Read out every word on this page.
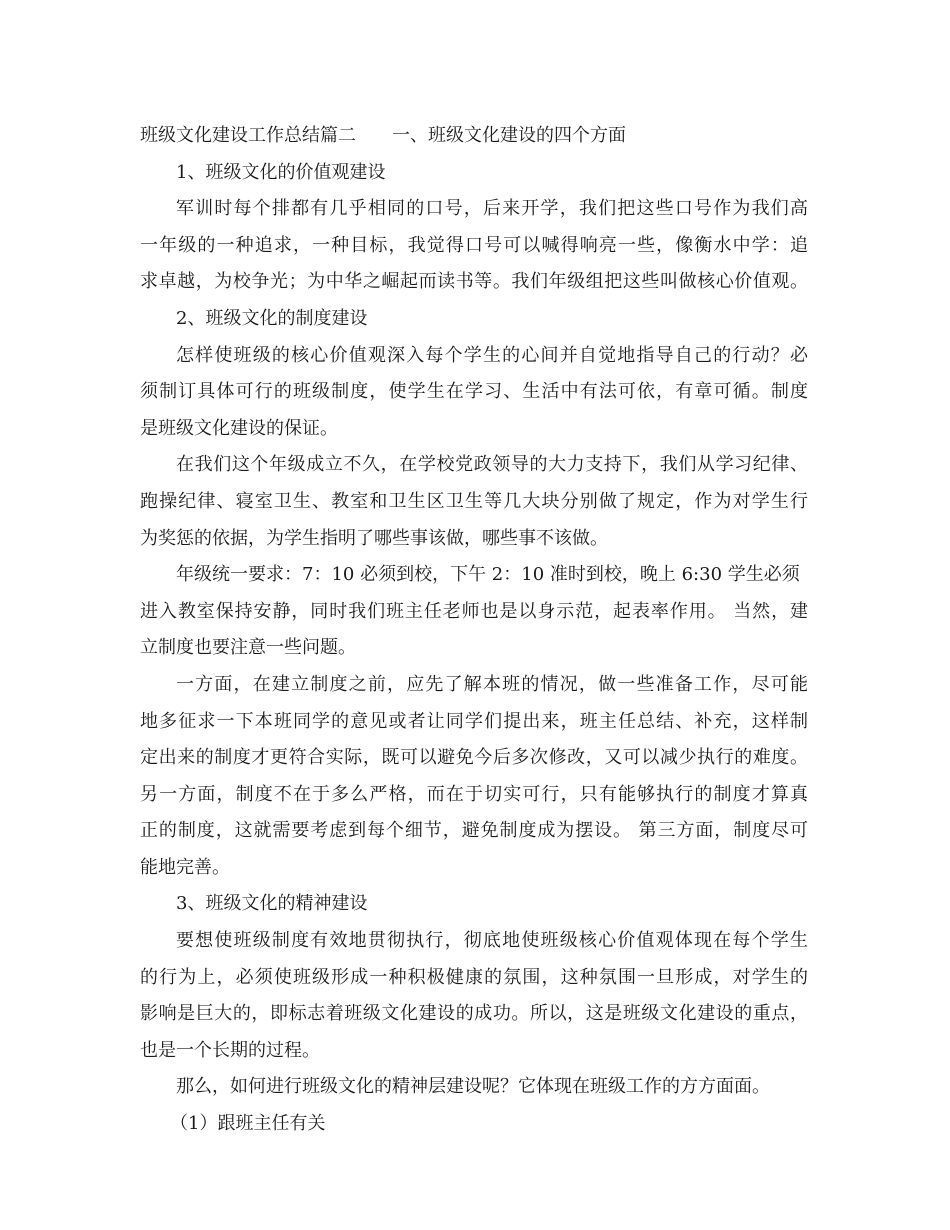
班级文化建设工作总结篇二　　一、班级文化建设的四个方面

1、班级文化的价值观建设

军训时每个排都有几乎相同的口号，后来开学，我们把这些口号作为我们高

一年级的一种追求，一种目标，我觉得口号可以喊得响亮一些，像衡水中学：追

求卓越，为校争光；为中华之崛起而读书等。我们年级组把这些叫做核心价值观。

2、班级文化的制度建设

怎样使班级的核心价值观深入每个学生的心间并自觉地指导自己的行动？必

须制订具体可行的班级制度，使学生在学习、生活中有法可依，有章可循。制度

是班级文化建设的保证。

在我们这个年级成立不久，在学校党政领导的大力支持下，我们从学习纪律、

跑操纪律、寝室卫生、教室和卫生区卫生等几大块分别做了规定，作为对学生行

为奖惩的依据，为学生指明了哪些事该做，哪些事不该做。

年级统一要求：7：10 必须到校，下午 2：10 准时到校，晚上 6:30 学生必须

进入教室保持安静，同时我们班主任老师也是以身示范，起表率作用。 当然，建

立制度也要注意一些问题。

一方面，在建立制度之前，应先了解本班的情况，做一些准备工作，尽可能

地多征求一下本班同学的意见或者让同学们提出来，班主任总结、补充，这样制

定出来的制度才更符合实际，既可以避免今后多次修改，又可以减少执行的难度。

另一方面，制度不在于多么严格，而在于切实可行，只有能够执行的制度才算真

正的制度，这就需要考虑到每个细节，避免制度成为摆设。 第三方面，制度尽可

能地完善。

3、班级文化的精神建设

要想使班级制度有效地贯彻执行，彻底地使班级核心价值观体现在每个学生

的行为上，必须使班级形成一种积极健康的氛围，这种氛围一旦形成，对学生的

影响是巨大的，即标志着班级文化建设的成功。所以，这是班级文化建设的重点，

也是一个长期的过程。

那么，如何进行班级文化的精神层建设呢？它体现在班级工作的方方面面。

（1）跟班主任有关
